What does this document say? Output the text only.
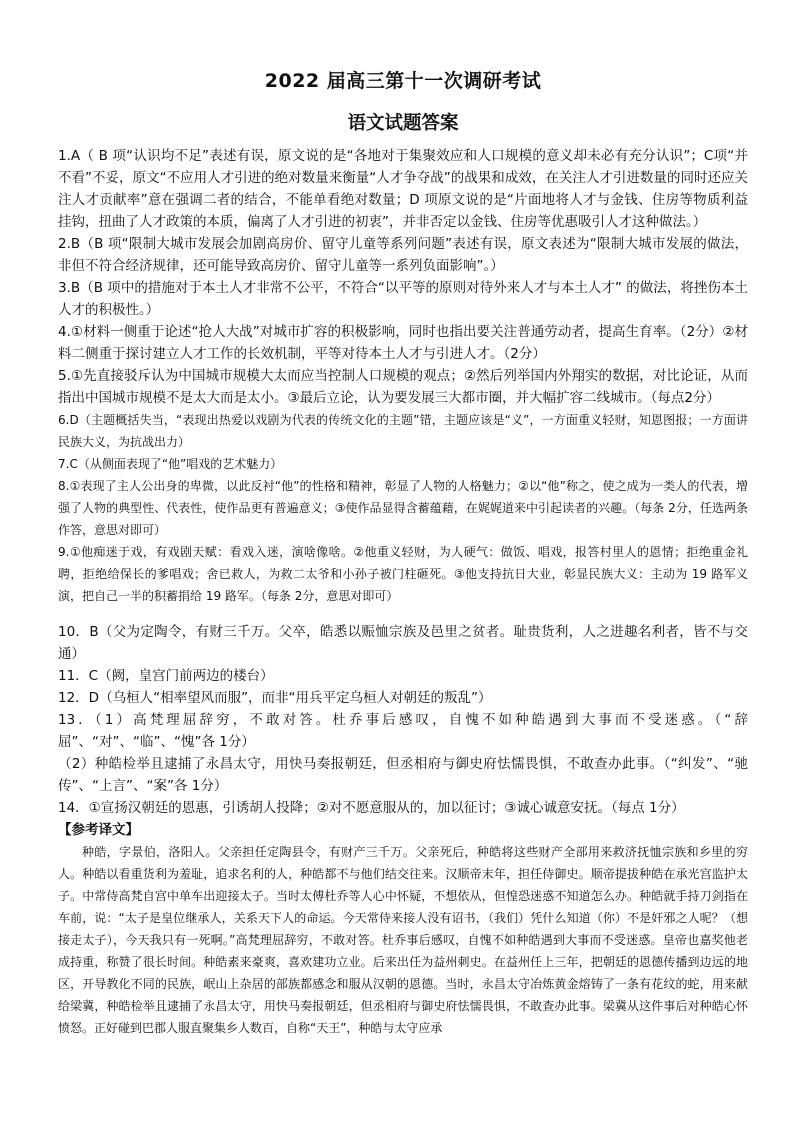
2022 届高三第十一次调研考试
语文试题答案

1.A（ B 项“认识均不足”表述有误，原文说的是“各地对于集聚效应和人口规模的意义却未必有充分认识”；C项“并不看”不妥，原文“不应用人才引进的绝对数量来衡量“人才争夺战”的战果和成效，在关注人才引进数量的同时还应关注人才贡献率”意在强调二者的结合，不能单看绝对数量；D 项原文说的是“片面地将人才与金钱、住房等物质利益挂钩，扭曲了人才政策的本质，偏离了人才引进的初衷”，并非否定以金钱、住房等优惠吸引人才这种做法。）

2.B（B 项“限制大城市发展会加剧高房价、留守儿童等系列问题”表述有误，原文表述为“限制大城市发展的做法，非但不符合经济规律，还可能导致高房价、留守儿童等一系列负面影响”。）

3.B（B 项中的措施对于本土人才非常不公平，不符合“以平等的原则对待外来人才与本土人才” 的做法，将挫伤本土人才的积极性。）

4.①材料一侧重于论述“抢人大战”对城市扩容的积极影响，同时也指出要关注普通劳动者，提高生育率。（2分）②材料二侧重于探讨建立人才工作的长效机制，平等对待本土人才与引进人才。（2分）

5.①先直接驳斥认为中国城市规模大太而应当控制人口规模的观点；②然后列举国内外翔实的数据，对比论证，从而指出中国城市规模不是太大而是太小。③最后立论，认为要发展三大都市圈，并大幅扩容二线城市。（每点2分）

6.D（主题概括失当，“表现出热爱以戏剧为代表的传统文化的主题”错，主题应该是“义”，一方面重义轻财，知恩图报；一方面讲民族大义，为抗战出力）

7.C（从侧面表现了“他”唱戏的艺术魅力）

8.①表现了主人公出身的卑微，以此反衬“他”的性格和精神，彰显了人物的人格魅力；②以“他”称之，使之成为一类人的代表，增强了人物的典型性、代表性，使作品更有普遍意义；③使作品显得含蓄蕴藉，在娓娓道来中引起读者的兴趣。（每条 2分，任选两条作答，意思对即可）

9.①他痴迷于戏，有戏剧天赋：看戏入迷，演啥像啥。②他重义轻财，为人硬气：做饭、唱戏，报答村里人的恩情；拒绝重金礼聘，拒绝给保长的爹唱戏；舍已救人，为救二太爷和小孙子被门柱砸死。③他支持抗日大业，彰显民族大义：主动为 19 路军义演，把自己一半的积蓄捐给 19 路军。（每条 2分，意思对即可）

10．B（父为定陶令，有财三千万。父卒，皓悉以赈恤宗族及邑里之贫者。耻贵货利，人之进趣名利者，皆不与交通）

11．C（阙，皇宫门前两边的楼台）

12．D（乌桓人“相率望风而服”，而非“用兵平定乌桓人对朝廷的叛乱”）

13．（1）高梵理屈辞穷，不敢对答。杜乔事后感叹，自愧不如种皓遇到大事而不受迷惑。（“辞屈”、“对”、“临”、“愧”各 1分）

（2）种皓检举且逮捕了永昌太守，用快马奏报朝廷，但丞相府与御史府怯懦畏惧，不敢查办此事。（“纠发”、“驰传”、“上言”、“案”各 1分）

14．①宣扬汉朝廷的恩惠，引诱胡人投降；②对不愿意服从的，加以征讨；③诚心诚意安抚。（每点 1分）

【参考译文】

种皓，字景伯，洛阳人。父亲担任定陶县令，有财产三千万。父亲死后，种皓将这些财产全部用来救济抚恤宗族和乡里的穷人。种皓以看重货利为羞耻，追求名利的人，种皓都不与他们结交往来。汉顺帝末年，担任侍御史。顺帝提拔种皓在承光宫监护太子。中常侍高梵自宫中单车出迎接太子。当时太傅杜乔等人心中怀疑，不想依从，但惶恐迷惑不知道怎么办。种皓就手持刀剑指在车前，说：“太子是皇位继承人，关系天下人的命运。今天常侍来接人没有诏书，（我们）凭什么知道（你）不是奸邪之人呢？（想接走太子），今天我只有一死啊。”高梵理屈辞穷，不敢对答。杜乔事后感叹，自愧不如种皓遇到大事而不受迷惑。皇帝也嘉奖他老成持重，称赞了很长时间。种皓素来豪爽，喜欢建功立业。后来出任为益州刺史。在益州任上三年，把朝廷的恩德传播到边远的地区，开导教化不同的民族，岷山上杂居的部族都感念和服从汉朝的恩德。当时，永昌太守冶炼黄金熔铸了一条有花纹的蛇，用来献给梁冀，种皓检举且逮捕了永昌太守，用快马奏报朝廷，但丞相府与御史府怯懦畏惧，不敢查办此事。梁冀从这件事后对种皓心怀愤怒。正好碰到巴郡人服直聚集乡人数百，自称“天王”，种皓与太守应承
